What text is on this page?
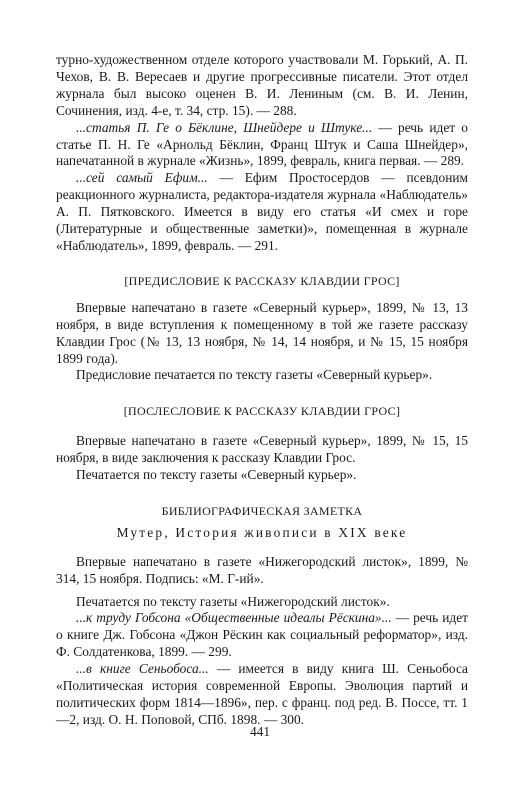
турно-художественном отделе которого участвовали М. Горький, А. П. Чехов, В. В. Вересаев и другие прогрессивные писатели. Этот отдел журнала был высоко оценен В. И. Лениным (см. В. И. Ленин, Сочинения, изд. 4-е, т. 34, стр. 15). — 288.

...статья П. Ге о Бёклине, Шнейдере и Штуке... — речь идет о статье П. Н. Ге «Арнольд Бёклин, Франц Штук и Саша Шнейдер», напечатанной в журнале «Жизнь», 1899, февраль, книга первая. — 289.

...сей самый Ефим... — Ефим Простосердов — псевдоним реакционного журналиста, редактора-издателя журнала «Наблюдатель» А. П. Пятковского. Имеется в виду его статья «И смех и горе (Литературные и общественные заметки)», помещенная в журнале «Наблюдатель», 1899, февраль. — 291.

[ПРЕДИСЛОВИЕ К РАССКАЗУ КЛАВДИИ ГРОС]

Впервые напечатано в газете «Северный курьер», 1899, № 13, 13 ноября, в виде вступления к помещенному в той же газете рассказу Клавдии Грос (№ 13, 13 ноября, № 14, 14 ноября, и № 15, 15 ноября 1899 года).

Предисловие печатается по тексту газеты «Северный курьер».

[ПОСЛЕСЛОВИЕ К РАССКАЗУ КЛАВДИИ ГРОС]

Впервые напечатано в газете «Северный курьер», 1899, № 15, 15 ноября, в виде заключения к рассказу Клавдии Грос.

Печатается по тексту газеты «Северный курьер».

БИБЛИОГРАФИЧЕСКАЯ ЗАМЕТКА

Мутер, История живописи в XIX веке

Впервые напечатано в газете «Нижегородский листок», 1899, № 314, 15 ноября. Подпись: «М. Г-ий».

Печатается по тексту газеты «Нижегородский листок».

...к труду Гобсона «Общественные идеалы Рёскина»... — речь идет о книге Дж. Гобсона «Джон Рёскин как социальный реформатор», изд. Ф. Солдатенкова, 1899. — 299.

...в книге Сеньобоса... — имеется в виду книга Ш. Сеньобоса «Политическая история современной Европы. Эволюция партий и политических форм 1814—1896», пер. с франц. под ред. В. Поссе, тт. 1—2, изд. О. Н. Поповой, СПб. 1898. — 300.

441
